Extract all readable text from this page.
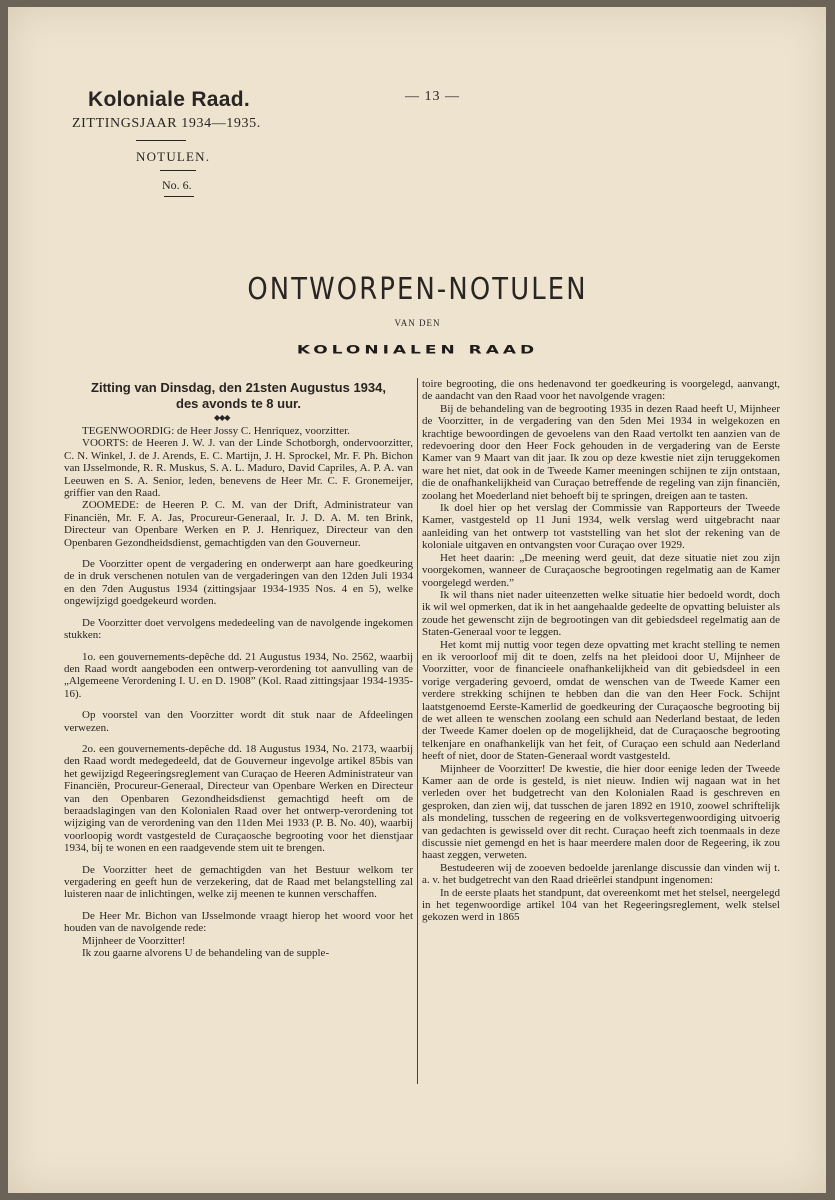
Koloniale Raad.
ZITTINGSJAAR 1934—1935.
— 13 —
NOTULEN.
No. 6.
ONTWORPEN-NOTULEN
VAN DEN
KOLONIALEN RAAD
Zitting van Dinsdag, den 21sten Augustus 1934,
des avonds te 8 uur.
◆◆◆

TEGENWOORDIG: de Heer Jossy C. Henriquez, voorzitter.

VOORTS: de Heeren J. W. J. van der Linde Schotborgh, ondervoorzitter, C. N. Winkel, J. de J. Arends, E. C. Martijn, J. H. Sprockel, Mr. F. Ph. Bichon van IJsselmonde, R. R. Muskus, S. A. L. Maduro, David Capriles, A. P. A. van Leeuwen en S. A. Senior, leden, benevens de Heer Mr. C. F. Gronemeijer, griffier van den Raad.

ZOOMEDE: de Heeren P. C. M. van der Drift, Administrateur van Financiën, Mr. F. A. Jas, Procureur-Generaal, Ir. J. D. A. M. ten Brink, Directeur van Openbare Werken en P. J. Henriquez, Directeur van den Openbaren Gezondheidsdienst, gemachtigden van den Gouverneur.

De Voorzitter opent de vergadering en onderwerpt aan hare goedkeuring de in druk verschenen notulen van de vergaderingen van den 12den Juli 1934 en den 7den Augustus 1934 (zittingsjaar 1934-1935 Nos. 4 en 5), welke ongewijzigd goedgekeurd worden.

De Voorzitter doet vervolgens mededeeling van de navolgende ingekomen stukken:

1o. een gouvernements-depêche dd. 21 Augustus 1934, No. 2562, waarbij den Raad wordt aangeboden een ontwerp-verordening tot aanvulling van de „Algemeene Verordening I. U. en D. 1908” (Kol. Raad zittingsjaar 1934-1935-16).

Op voorstel van den Voorzitter wordt dit stuk naar de Afdeelingen verwezen.

2o. een gouvernements-depêche dd. 18 Augustus 1934, No. 2173, waarbij den Raad wordt medegedeeld, dat de Gouverneur ingevolge artikel 85bis van het gewijzigd Regeeringsreglement van Curaçao de Heeren Administrateur van Financiën, Procureur-Generaal, Directeur van Openbare Werken en Directeur van den Openbaren Gezondheidsdienst gemachtigd heeft om de beraadslagingen van den Kolonialen Raad over het ontwerp-verordening tot wijziging van de verordening van den 11den Mei 1933 (P. B. No. 40), waarbij voorloopig wordt vastgesteld de Curaçaosche begrooting voor het dienstjaar 1934, bij te wonen en een raadgevende stem uit te brengen.

De Voorzitter heet de gemachtigden van het Bestuur welkom ter vergadering en geeft hun de verzekering, dat de Raad met belangstelling zal luisteren naar de inlichtingen, welke zij meenen te kunnen verschaffen.

De Heer Mr. Bichon van IJsselmonde vraagt hierop het woord voor het houden van de navolgende rede:

Mijnheer de Voorzitter!

Ik zou gaarne alvorens U de behandeling van de supple-

toire begrooting, die ons hedenavond ter goedkeuring is voorgelegd, aanvangt, de aandacht van den Raad voor het navolgende vragen:

Bij de behandeling van de begrooting 1935 in dezen Raad heeft U, Mijnheer de Voorzitter, in de vergadering van den 5den Mei 1934 in welgekozen en krachtige bewoordingen de gevoelens van den Raad vertolkt ten aanzien van de redevoering door den Heer Fock gehouden in de vergadering van de Eerste Kamer van 9 Maart van dit jaar. Ik zou op deze kwestie niet zijn teruggekomen ware het niet, dat ook in de Tweede Kamer meeningen schijnen te zijn ontstaan, die de onafhankelijkheid van Curaçao betreffende de regeling van zijn financiën, zoolang het Moederland niet behoeft bij te springen, dreigen aan te tasten.

Ik doel hier op het verslag der Commissie van Rapporteurs der Tweede Kamer, vastgesteld op 11 Juni 1934, welk verslag werd uitgebracht naar aanleiding van het ontwerp tot vaststelling van het slot der rekening van de koloniale uitgaven en ontvangsten voor Curaçao over 1929.

Het heet daarin: „De meening werd geuit, dat deze situatie niet zou zijn voorgekomen, wanneer de Curaçaosche begrootingen regelmatig aan de Kamer voorgelegd werden.”

Ik wil thans niet nader uiteenzetten welke situatie hier bedoeld wordt, doch ik wil wel opmerken, dat ik in het aangehaalde gedeelte de opvatting beluister als zoude het gewenscht zijn de begrootingen van dit gebiedsdeel regelmatig aan de Staten-Generaal voor te leggen.

Het komt mij nuttig voor tegen deze opvatting met kracht stelling te nemen en ik veroorloof mij dit te doen, zelfs na het pleidooi door U, Mijnheer de Voorzitter, voor de financieele onafhankelijkheid van dit gebiedsdeel in een vorige vergadering gevoerd, omdat de wenschen van de Tweede Kamer een verdere strekking schijnen te hebben dan die van den Heer Fock. Schijnt laatstgenoemd Eerste-Kamerlid de goedkeuring der Curaçaosche begrooting bij de wet alleen te wenschen zoolang een schuld aan Nederland bestaat, de leden der Tweede Kamer doelen op de mogelijkheid, dat de Curaçaosche begrooting telkenjare en onafhankelijk van het feit, of Curaçao een schuld aan Nederland heeft of niet, door de Staten-Generaal wordt vastgesteld.

Mijnheer de Voorzitter! De kwestie, die hier door eenige leden der Tweede Kamer aan de orde is gesteld, is niet nieuw. Indien wij nagaan wat in het verleden over het budgetrecht van den Kolonialen Raad is geschreven en gesproken, dan zien wij, dat tusschen de jaren 1892 en 1910, zoowel schriftelijk als mondeling, tusschen de regeering en de volksvertegenwoordiging uitvoerig van gedachten is gewisseld over dit recht. Curaçao heeft zich toenmaals in deze discussie niet gemengd en het is haar meerdere malen door de Regeering, ik zou haast zeggen, verweten.

Bestudeeren wij de zooeven bedoelde jarenlange discussie dan vinden wij t. a. v. het budgetrecht van den Raad drieërlei standpunt ingenomen:

In de eerste plaats het standpunt, dat overeenkomt met het stelsel, neergelegd in het tegenwoordige artikel 104 van het Regeeringsreglement, welk stelsel gekozen werd in 1865
